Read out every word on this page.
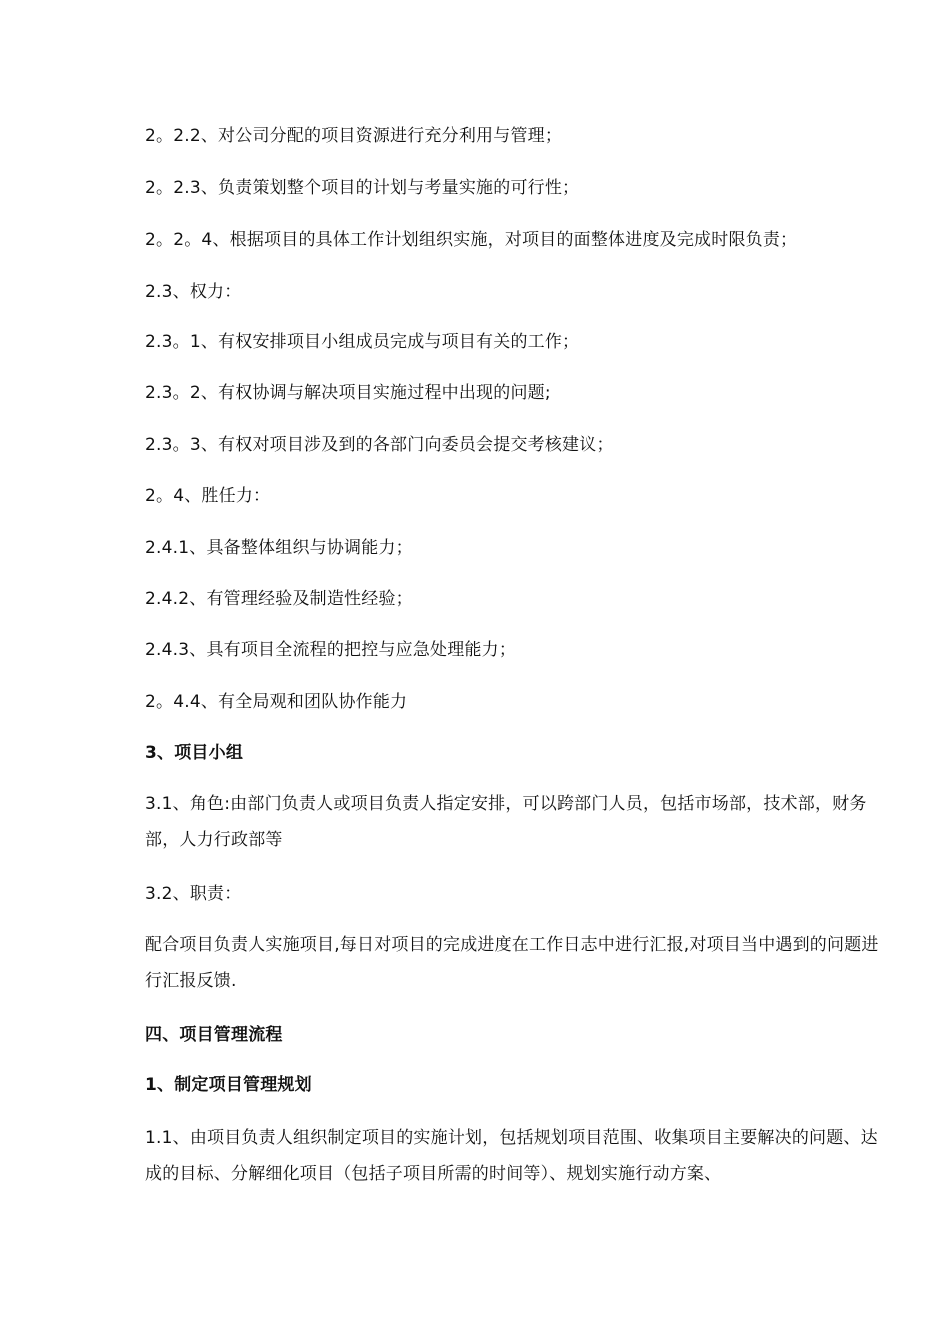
2。2.2、对公司分配的项目资源进行充分利用与管理；
2。2.3、负责策划整个项目的计划与考量实施的可行性；
2。2。4、根据项目的具体工作计划组织实施，对项目的面整体进度及完成时限负责；
2.3、权力：
2.3。1、有权安排项目小组成员完成与项目有关的工作；
2.3。2、有权协调与解决项目实施过程中出现的问题;
2.3。3、有权对项目涉及到的各部门向委员会提交考核建议；
2。4、胜任力：
2.4.1、具备整体组织与协调能力；
2.4.2、有管理经验及制造性经验；
2.4.3、具有项目全流程的把控与应急处理能力；
2。4.4、有全局观和团队协作能力
3、项目小组
3.1、角色:由部门负责人或项目负责人指定安排，可以跨部门人员，包括市场部，技术部，财务部，人力行政部等
3.2、职责：
配合项目负责人实施项目,每日对项目的完成进度在工作日志中进行汇报,对项目当中遇到的问题进行汇报反馈.
四、项目管理流程
1、制定项目管理规划
1.1、由项目负责人组织制定项目的实施计划，包括规划项目范围、收集项目主要解决的问题、达成的目标、分解细化项目（包括子项目所需的时间等）、规划实施行动方案、
